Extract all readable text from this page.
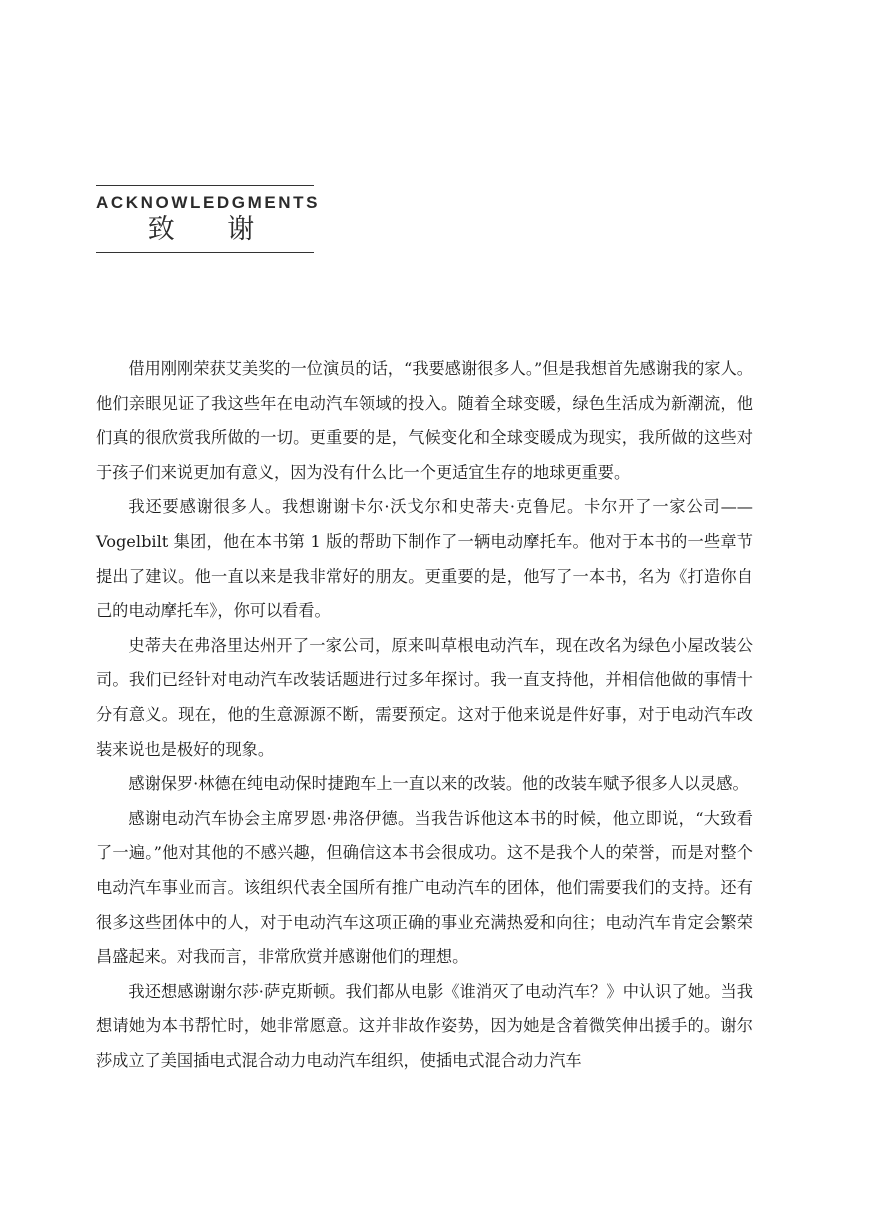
ACKNOWLEDGMENTS
致 谢

借用刚刚荣获艾美奖的一位演员的话，“我要感谢很多人。”但是我想首先感谢我的家人。他们亲眼见证了我这些年在电动汽车领域的投入。随着全球变暖，绿色生活成为新潮流，他们真的很欣赏我所做的一切。更重要的是，气候变化和全球变暖成为现实，我所做的这些对于孩子们来说更加有意义，因为没有什么比一个更适宜生存的地球更重要。

我还要感谢很多人。我想谢谢卡尔·沃戈尔和史蒂夫·克鲁尼。卡尔开了一家公司——Vogelbilt 集团，他在本书第 1 版的帮助下制作了一辆电动摩托车。他对于本书的一些章节提出了建议。他一直以来是我非常好的朋友。更重要的是，他写了一本书，名为《打造你自己的电动摩托车》，你可以看看。

史蒂夫在弗洛里达州开了一家公司，原来叫草根电动汽车，现在改名为绿色小屋改装公司。我们已经针对电动汽车改装话题进行过多年探讨。我一直支持他，并相信他做的事情十分有意义。现在，他的生意源源不断，需要预定。这对于他来说是件好事，对于电动汽车改装来说也是极好的现象。

感谢保罗·林德在纯电动保时捷跑车上一直以来的改装。他的改装车赋予很多人以灵感。

感谢电动汽车协会主席罗恩·弗洛伊德。当我告诉他这本书的时候，他立即说，“大致看了一遍。”他对其他的不感兴趣，但确信这本书会很成功。这不是我个人的荣誉，而是对整个电动汽车事业而言。该组织代表全国所有推广电动汽车的团体，他们需要我们的支持。还有很多这些团体中的人，对于电动汽车这项正确的事业充满热爱和向往；电动汽车肯定会繁荣昌盛起来。对我而言，非常欣赏并感谢他们的理想。

我还想感谢谢尔莎·萨克斯顿。我们都从电影《谁消灭了电动汽车？》中认识了她。当我想请她为本书帮忙时，她非常愿意。这并非故作姿势，因为她是含着微笑伸出援手的。谢尔莎成立了美国插电式混合动力电动汽车组织，使插电式混合动力汽车
